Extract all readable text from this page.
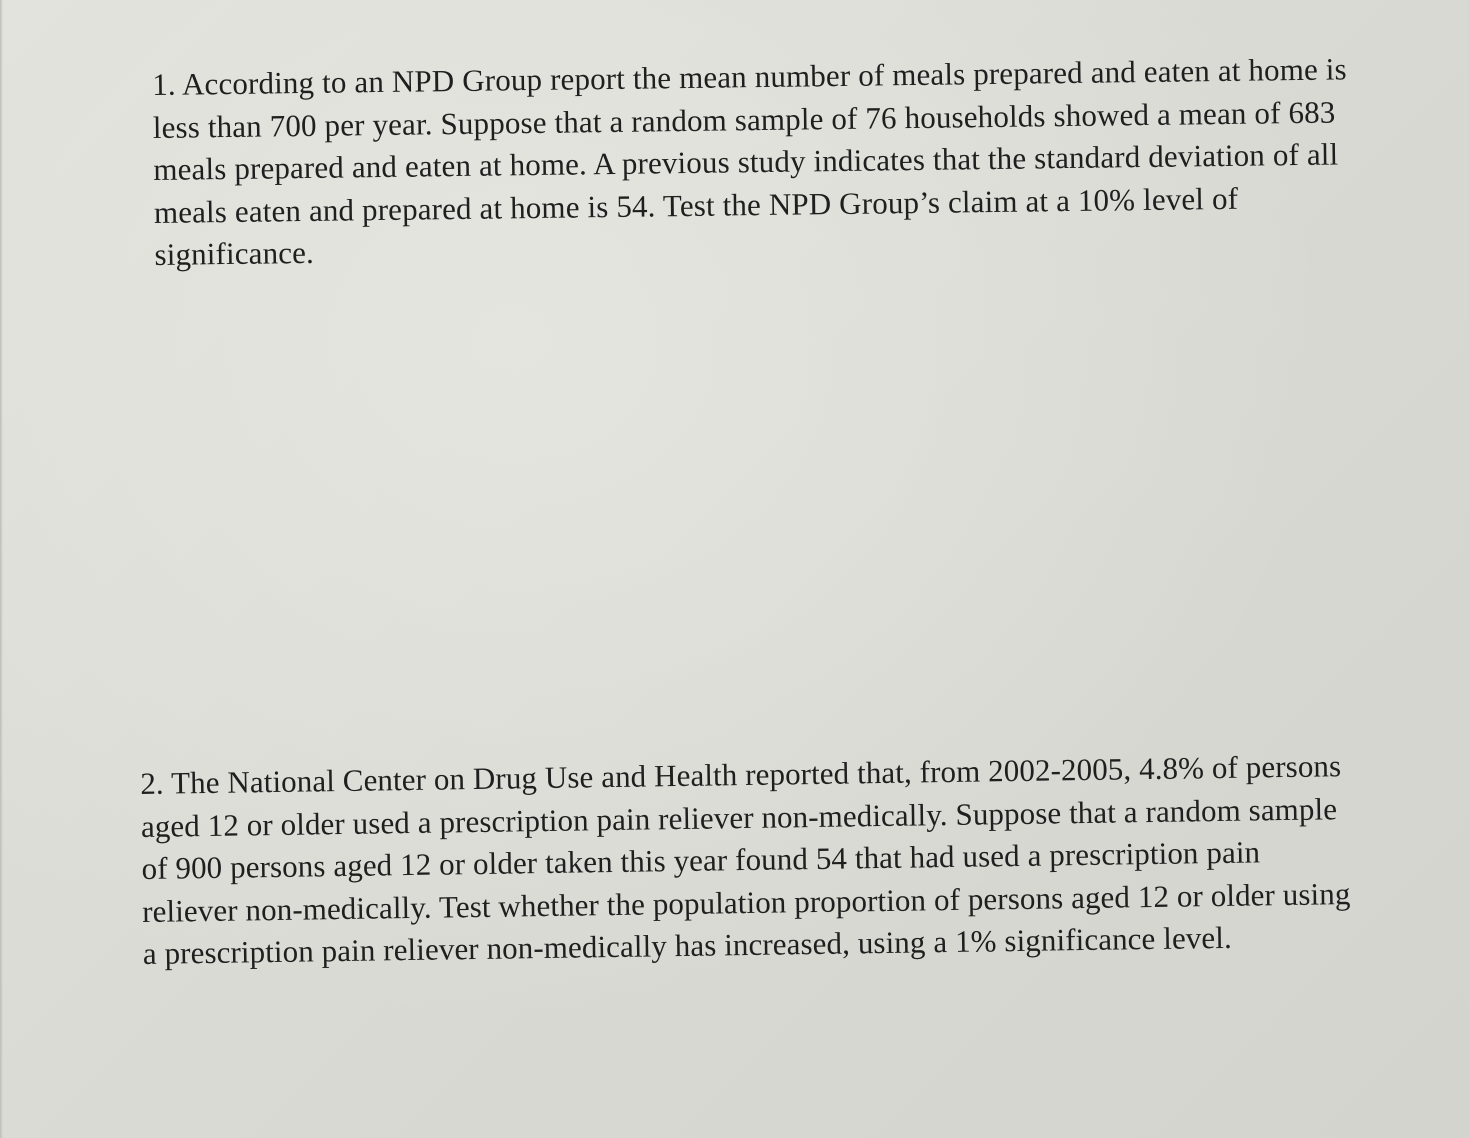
1. According to an NPD Group report the mean number of meals prepared and eaten at home is
less than 700 per year. Suppose that a random sample of 76 households showed a mean of 683
meals prepared and eaten at home. A previous study indicates that the standard deviation of all
meals eaten and prepared at home is 54. Test the NPD Group’s claim at a 10% level of
significance.

2. The National Center on Drug Use and Health reported that, from 2002-2005, 4.8% of persons
aged 12 or older used a prescription pain reliever non-medically. Suppose that a random sample
of 900 persons aged 12 or older taken this year found 54 that had used a prescription pain
reliever non-medically. Test whether the population proportion of persons aged 12 or older using
a prescription pain reliever non-medically has increased, using a 1% significance level.
